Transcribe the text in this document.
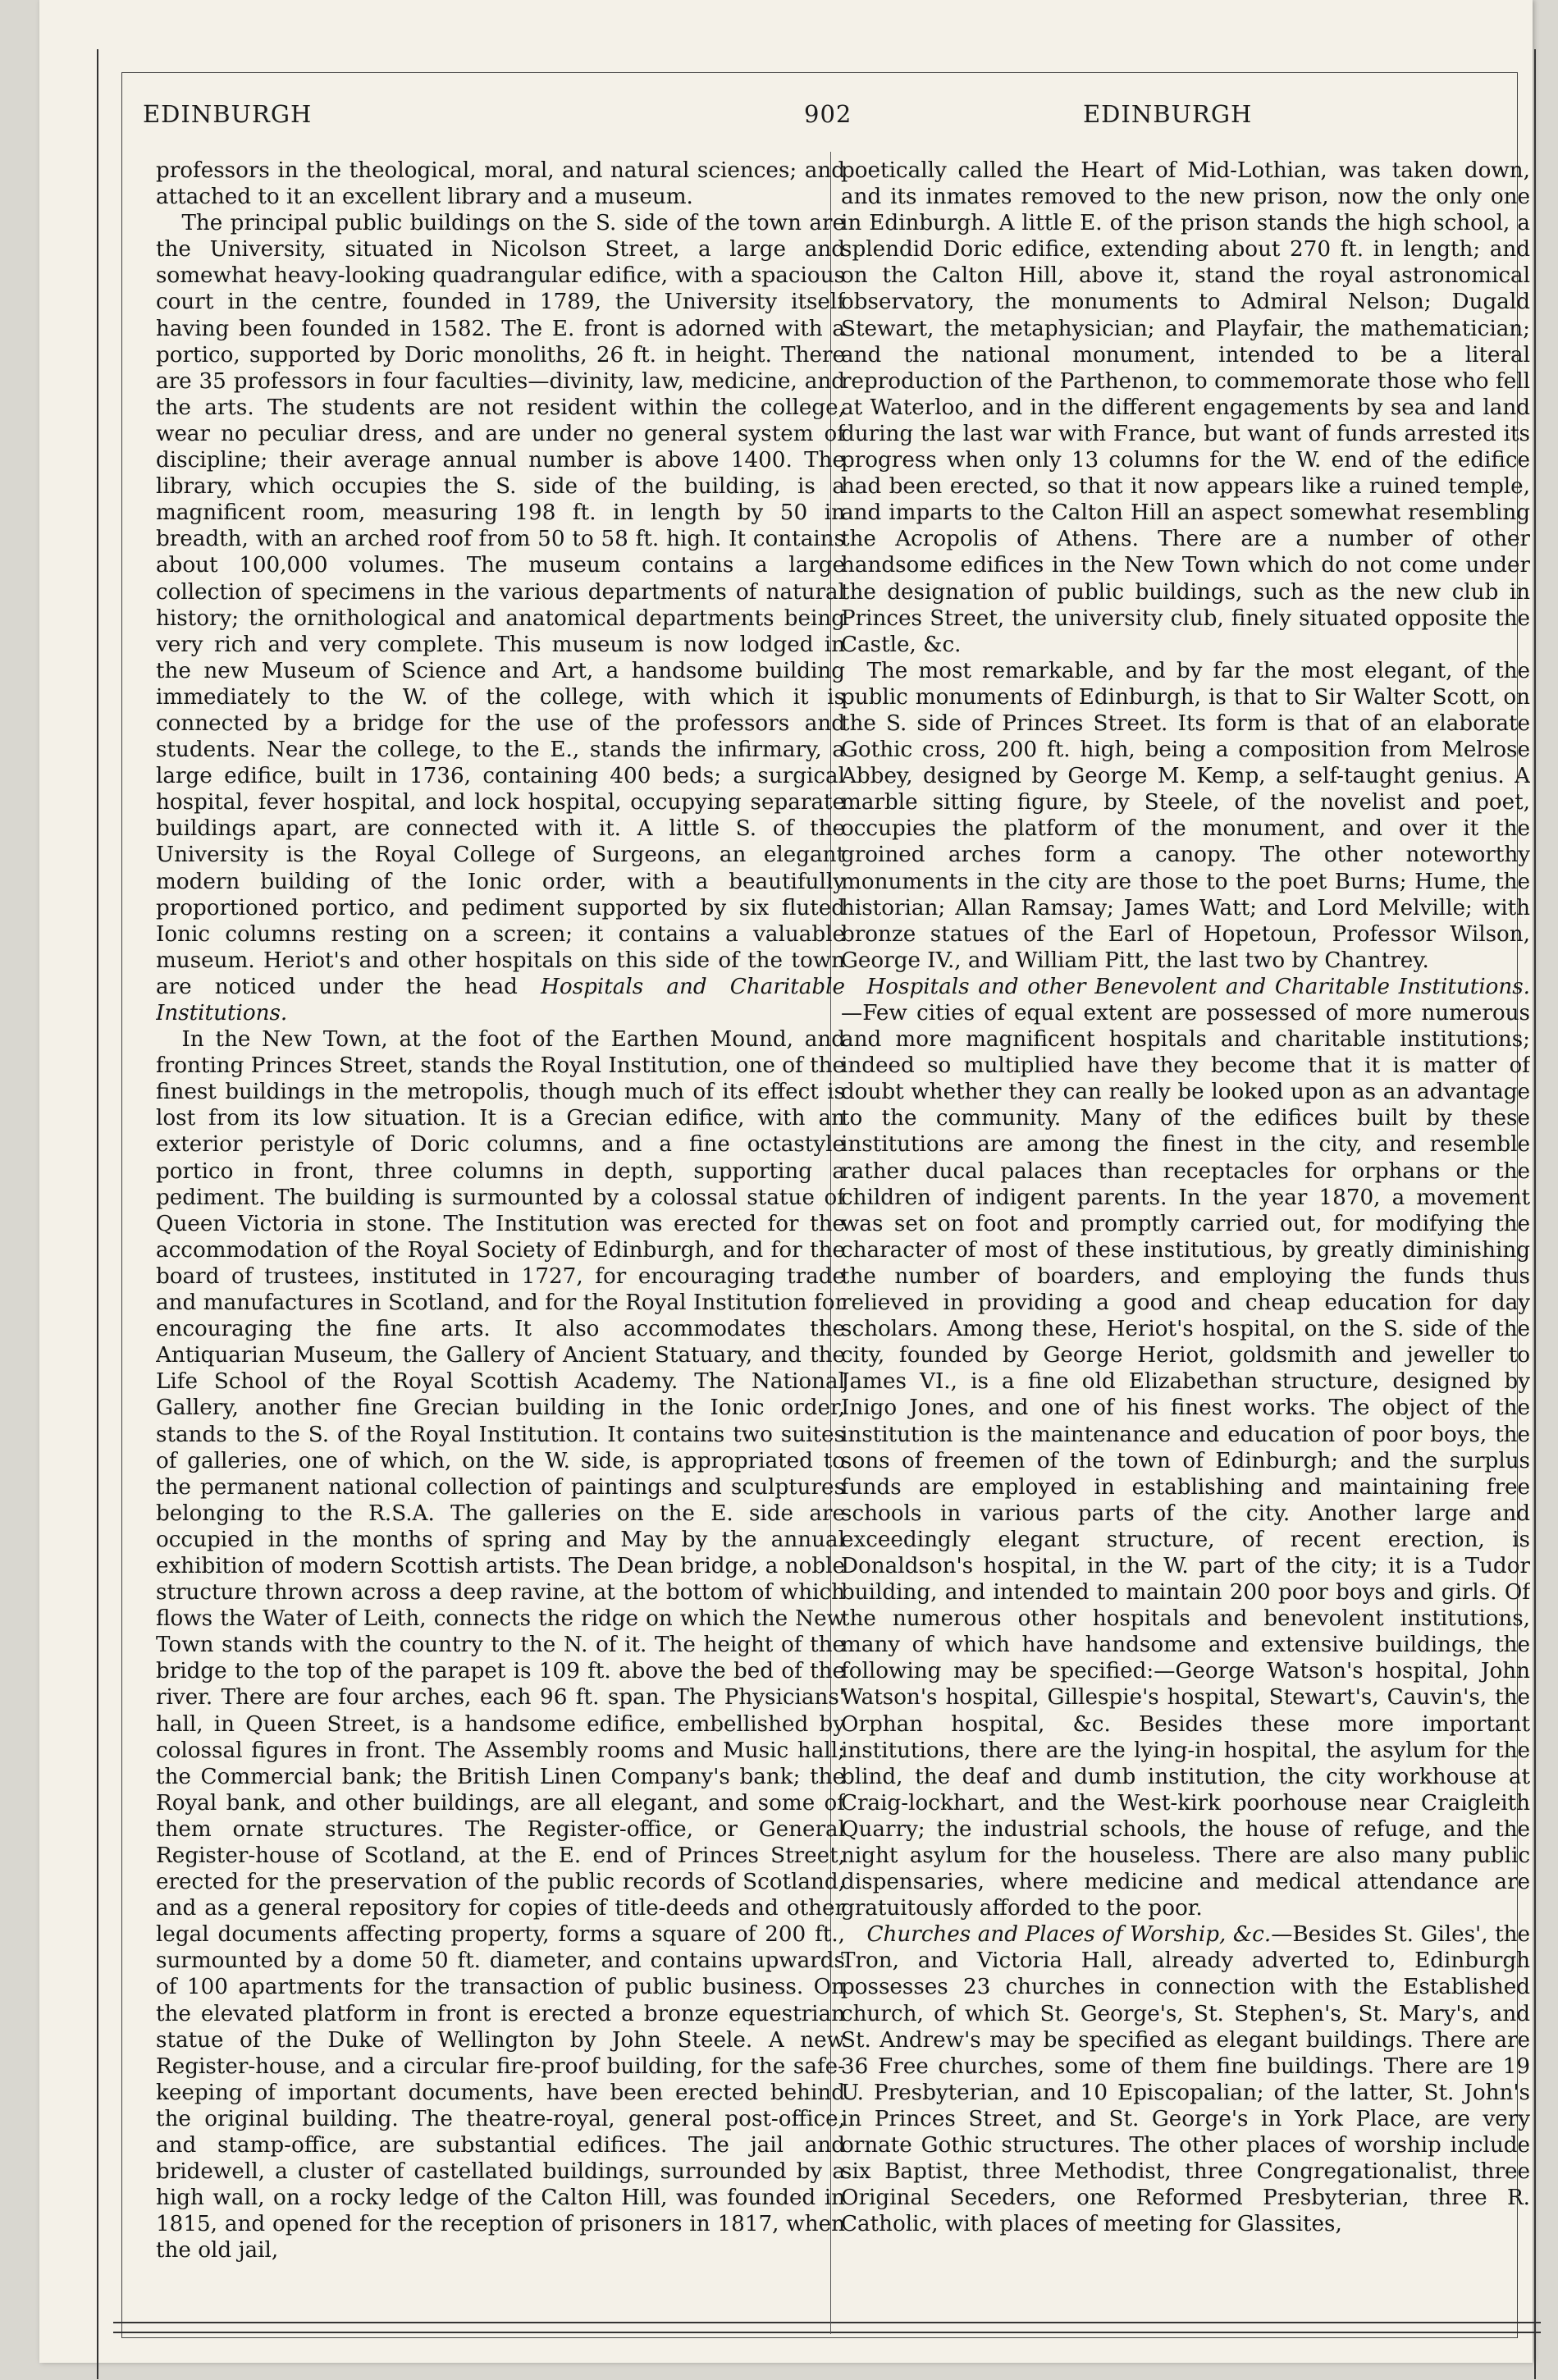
EDINBURGH	902	EDINBURGH

professors in the theological, moral, and natural sciences; and attached to it an excellent library and a museum.

The principal public buildings on the S. side of the town are the University, situated in Nicolson Street, a large and somewhat heavy-looking quadrangular edifice, with a spacious court in the centre, founded in 1789, the University itself having been founded in 1582. The E. front is adorned with a portico, supported by Doric monoliths, 26 ft. in height. There are 35 professors in four faculties—divinity, law, medicine, and the arts. The students are not resident within the college, wear no peculiar dress, and are under no general system of discipline; their average annual number is above 1400. The library, which occupies the S. side of the building, is a magnificent room, measuring 198 ft. in length by 50 in breadth, with an arched roof from 50 to 58 ft. high. It contains about 100,000 volumes. The museum contains a large collection of specimens in the various departments of natural history; the ornithological and anatomical departments being very rich and very complete. This museum is now lodged in the new Museum of Science and Art, a handsome building immediately to the W. of the college, with which it is connected by a bridge for the use of the professors and students. Near the college, to the E., stands the infirmary, a large edifice, built in 1736, containing 400 beds; a surgical hospital, fever hospital, and lock hospital, occupying separate buildings apart, are connected with it. A little S. of the University is the Royal College of Surgeons, an elegant modern building of the Ionic order, with a beautifully proportioned portico, and pediment supported by six fluted Ionic columns resting on a screen; it contains a valuable museum. Heriot's and other hospitals on this side of the town are noticed under the head Hospitals and Charitable Institutions.

In the New Town, at the foot of the Earthen Mound, and fronting Princes Street, stands the Royal Institution, one of the finest buildings in the metropolis, though much of its effect is lost from its low situation. It is a Grecian edifice, with an exterior peristyle of Doric columns, and a fine octastyle portico in front, three columns in depth, supporting a pediment. The building is surmounted by a colossal statue of Queen Victoria in stone. The Institution was erected for the accommodation of the Royal Society of Edinburgh, and for the board of trustees, instituted in 1727, for encouraging trade and manufactures in Scotland, and for the Royal Institution for encouraging the fine arts. It also accommodates the Antiquarian Museum, the Gallery of Ancient Statuary, and the Life School of the Royal Scottish Academy. The National Gallery, another fine Grecian building in the Ionic order, stands to the S. of the Royal Institution. It contains two suites of galleries, one of which, on the W. side, is appropriated to the permanent national collection of paintings and sculptures belonging to the R.S.A. The galleries on the E. side are occupied in the months of spring and May by the annual exhibition of modern Scottish artists. The Dean bridge, a noble structure thrown across a deep ravine, at the bottom of which flows the Water of Leith, connects the ridge on which the New Town stands with the country to the N. of it. The height of the bridge to the top of the parapet is 109 ft. above the bed of the river. There are four arches, each 96 ft. span. The Physicians' hall, in Queen Street, is a handsome edifice, embellished by colossal figures in front. The Assembly rooms and Music hall; the Commercial bank; the British Linen Company's bank; the Royal bank, and other buildings, are all elegant, and some of them ornate structures. The Register-office, or General Register-house of Scotland, at the E. end of Princes Street, erected for the preservation of the public records of Scotland, and as a general repository for copies of title-deeds and other legal documents affecting property, forms a square of 200 ft., surmounted by a dome 50 ft. diameter, and contains upwards of 100 apartments for the transaction of public business. On the elevated platform in front is erected a bronze equestrian statue of the Duke of Wellington by John Steele. A new Register-house, and a circular fire-proof building, for the safe-keeping of important documents, have been erected behind the original building. The theatre-royal, general post-office, and stamp-office, are substantial edifices. The jail and bridewell, a cluster of castellated buildings, surrounded by a high wall, on a rocky ledge of the Calton Hill, was founded in 1815, and opened for the reception of prisoners in 1817, when the old jail,

poetically called the Heart of Mid-Lothian, was taken down, and its inmates removed to the new prison, now the only one in Edinburgh. A little E. of the prison stands the high school, a splendid Doric edifice, extending about 270 ft. in length; and on the Calton Hill, above it, stand the royal astronomical observatory, the monuments to Admiral Nelson; Dugald Stewart, the metaphysician; and Playfair, the mathematician; and the national monument, intended to be a literal reproduction of the Parthenon, to commemorate those who fell at Waterloo, and in the different engagements by sea and land during the last war with France, but want of funds arrested its progress when only 13 columns for the W. end of the edifice had been erected, so that it now appears like a ruined temple, and imparts to the Calton Hill an aspect somewhat resembling the Acropolis of Athens. There are a number of other handsome edifices in the New Town which do not come under the designation of public buildings, such as the new club in Princes Street, the university club, finely situated opposite the Castle, &c.

The most remarkable, and by far the most elegant, of the public monuments of Edinburgh, is that to Sir Walter Scott, on the S. side of Princes Street. Its form is that of an elaborate Gothic cross, 200 ft. high, being a composition from Melrose Abbey, designed by George M. Kemp, a self-taught genius. A marble sitting figure, by Steele, of the novelist and poet, occupies the platform of the monument, and over it the groined arches form a canopy. The other noteworthy monuments in the city are those to the poet Burns; Hume, the historian; Allan Ramsay; James Watt; and Lord Melville; with bronze statues of the Earl of Hopetoun, Professor Wilson, George IV., and William Pitt, the last two by Chantrey.

Hospitals and other Benevolent and Charitable Institutions.—Few cities of equal extent are possessed of more numerous and more magnificent hospitals and charitable institutions; indeed so multiplied have they become that it is matter of doubt whether they can really be looked upon as an advantage to the community. Many of the edifices built by these institutions are among the finest in the city, and resemble rather ducal palaces than receptacles for orphans or the children of indigent parents. In the year 1870, a movement was set on foot and promptly carried out, for modifying the character of most of these institutious, by greatly diminishing the number of boarders, and employing the funds thus relieved in providing a good and cheap education for day scholars. Among these, Heriot's hospital, on the S. side of the city, founded by George Heriot, goldsmith and jeweller to James VI., is a fine old Elizabethan structure, designed by Inigo Jones, and one of his finest works. The object of the institution is the maintenance and education of poor boys, the sons of freemen of the town of Edinburgh; and the surplus funds are employed in establishing and maintaining free schools in various parts of the city. Another large and exceedingly elegant structure, of recent erection, is Donaldson's hospital, in the W. part of the city; it is a Tudor building, and intended to maintain 200 poor boys and girls. Of the numerous other hospitals and benevolent institutions, many of which have handsome and extensive buildings, the following may be specified:—George Watson's hospital, John Watson's hospital, Gillespie's hospital, Stewart's, Cauvin's, the Orphan hospital, &c. Besides these more important institutions, there are the lying-in hospital, the asylum for the blind, the deaf and dumb institution, the city workhouse at Craig-lockhart, and the West-kirk poorhouse near Craigleith Quarry; the industrial schools, the house of refuge, and the night asylum for the houseless. There are also many public dispensaries, where medicine and medical attendance are gratuitously afforded to the poor.

Churches and Places of Worship, &c.—Besides St. Giles', the Tron, and Victoria Hall, already adverted to, Edinburgh possesses 23 churches in connection with the Established church, of which St. George's, St. Stephen's, St. Mary's, and St. Andrew's may be specified as elegant buildings. There are 36 Free churches, some of them fine buildings. There are 19 U. Presbyterian, and 10 Episcopalian; of the latter, St. John's in Princes Street, and St. George's in York Place, are very ornate Gothic structures. The other places of worship include six Baptist, three Methodist, three Congregationalist, three Original Seceders, one Reformed Presbyterian, three R. Catholic, with places of meeting for Glassites,
